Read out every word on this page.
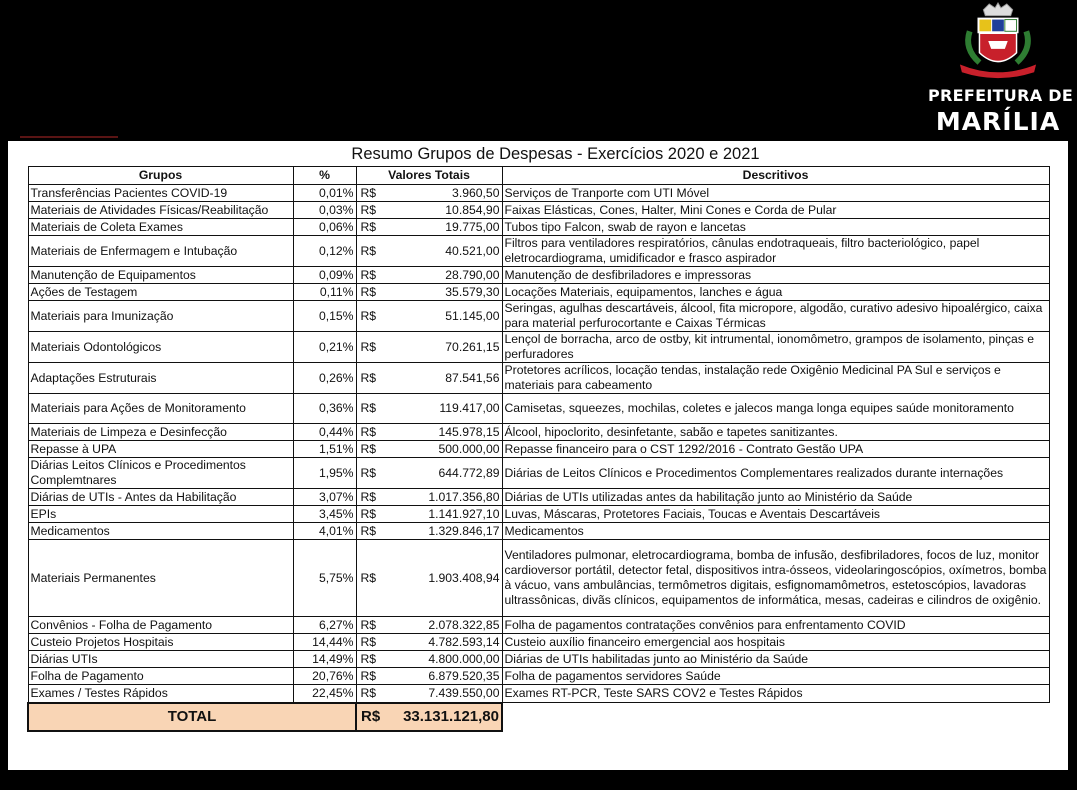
PREFEITURA DE
MARÍLIA
Resumo Grupos de Despesas - Exercícios 2020 e 2021
Grupos	%	Valores Totais		Descritivos
Transferências Pacientes COVID-19	0,01%	R$	3.960,50	Serviços de Tranporte com UTI Móvel
Materiais de Atividades Físicas/Reabilitação	0,03%	R$	10.854,90	Faixas Elásticas, Cones, Halter, Mini Cones e Corda de Pular
Materiais de Coleta Exames	0,06%	R$	19.775,00	Tubos tipo Falcon, swab de rayon e lancetas
Materiais de Enfermagem e Intubação	0,12%	R$	40.521,00	Filtros para ventiladores respiratórios, cânulas endotraqueais, filtro bacteriológico, papel eletrocardiograma, umidificador e frasco aspirador
Manutenção de Equipamentos	0,09%	R$	28.790,00	Manutenção de desfibriladores e impressoras
Ações de Testagem	0,11%	R$	35.579,30	Locações Materiais, equipamentos, lanches e água
Materiais para Imunização	0,15%	R$	51.145,00	Seringas, agulhas descartáveis, álcool, fita micropore, algodão, curativo adesivo hipoalérgico, caixa para material perfurocortante e Caixas Térmicas
Materiais Odontológicos	0,21%	R$	70.261,15	Lençol de borracha, arco de ostby, kit intrumental, ionomômetro, grampos de isolamento, pinças e perfuradores
Adaptações Estruturais	0,26%	R$	87.541,56	Protetores acrílicos, locação tendas, instalação rede Oxigênio Medicinal PA Sul e serviços e materiais para cabeamento
Materiais para Ações de Monitoramento	0,36%	R$	119.417,00	Camisetas, squeezes, mochilas, coletes e jalecos manga longa equipes saúde monitoramento
Materiais de Limpeza e Desinfecção	0,44%	R$	145.978,15	Álcool, hipoclorito, desinfetante, sabão e tapetes sanitizantes.
Repasse à UPA	1,51%	R$	500.000,00	Repasse financeiro para o CST 1292/2016 - Contrato Gestão UPA
Diárias Leitos Clínicos e Procedimentos Complemtnares	1,95%	R$	644.772,89	Diárias de Leitos Clínicos e Procedimentos Complementares realizados durante internações
Diárias de UTIs - Antes da Habilitação	3,07%	R$	1.017.356,80	Diárias de UTIs utilizadas antes da habilitação junto ao Ministério da Saúde
EPIs	3,45%	R$	1.141.927,10	Luvas, Máscaras, Protetores Faciais, Toucas e Aventais Descartáveis
Medicamentos	4,01%	R$	1.329.846,17	Medicamentos
Materiais Permanentes	5,75%	R$	1.903.408,94	Ventiladores pulmonar, eletrocardiograma, bomba de infusão, desfibriladores, focos de luz, monitor cardioversor portátil, detector fetal, dispositivos intra-ósseos, videolaringoscópios, oxímetros, bomba à vácuo, vans ambulâncias, termômetros digitais, esfignomamômetros, estetoscópios, lavadoras ultrassônicas, divãs clínicos, equipamentos de informática, mesas, cadeiras e cilindros de oxigênio.
Convênios - Folha de Pagamento	6,27%	R$	2.078.322,85	Folha de pagamentos contratações convênios para enfrentamento COVID
Custeio Projetos Hospitais	14,44%	R$	4.782.593,14	Custeio auxílio financeiro emergencial aos hospitais
Diárias UTIs	14,49%	R$	4.800.000,00	Diárias de UTIs habilitadas junto ao Ministério da Saúde
Folha de Pagamento	20,76%	R$	6.879.520,35	Folha de pagamentos servidores Saúde
Exames / Testes Rápidos	22,45%	R$	7.439.550,00	Exames RT-PCR, Teste SARS COV2 e Testes Rápidos
TOTAL		R$	33.131.121,80	
